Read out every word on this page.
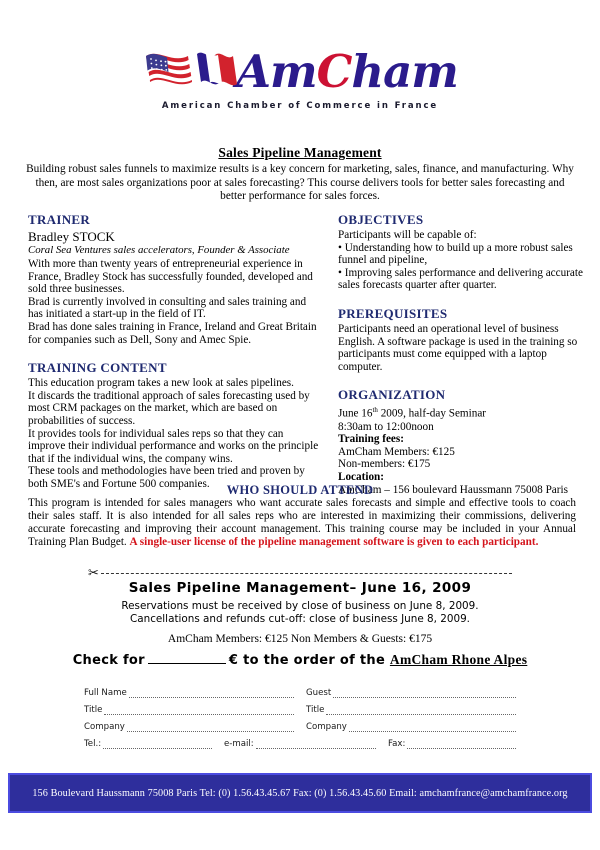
AmCham
American Chamber of Commerce in France
Sales Pipeline Management
Building robust sales funnels to maximize results is a key concern for marketing, sales, finance, and manufacturing. Why then, are most sales organizations poor at sales forecasting? This course delivers tools for better sales forecasting and better performance for sales forces.
TRAINER
Bradley STOCK
Coral Sea Ventures sales accelerators, Founder & Associate

With more than twenty years of entrepreneurial experience in France, Bradley Stock has successfully founded, developed and sold three businesses.

Brad is currently involved in consulting and sales training and has initiated a start-up in the field of IT.

Brad has done sales training in France, Ireland and Great Britain for companies such as Dell, Sony and Amec Spie.

TRAINING CONTENT

This education program takes a new look at sales pipelines.

It discards the traditional approach of sales forecasting used by most CRM packages on the market, which are based on probabilities of success.

It provides tools for individual sales reps so that they can improve their individual performance and works on the principle that if the individual wins, the company wins.

These tools and methodologies have been tried and proven by both SME's and Fortune 500 companies.

OBJECTIVES

Participants will be capable of:

• Understanding how to build up a more robust sales funnel and pipeline,

• Improving sales performance and delivering accurate sales forecasts quarter after quarter.

PREREQUISITES

Participants need an operational level of business English. A software package is used in the training so participants must come equipped with a laptop computer.

ORGANIZATION

June 16th 2009, half-day Seminar

8:30am to 12:00noon

Training fees:

AmCham Members: €125

Non-members: €175

Location:

AmCham – 156 boulevard Haussmann 75008 Paris

WHO SHOULD ATTEND
This program is intended for sales managers who want accurate sales forecasts and simple and effective tools to coach their sales staff. It is also intended for all sales reps who are interested in maximizing their commissions, delivering accurate forecasting and improving their account management. This training course may be included in your Annual Training Plan Budget. A single-user license of the pipeline management software is given to each participant.
✂
Sales Pipeline Management– June 16, 2009
Reservations must be received by close of business on June 8, 2009.
Cancellations and refunds cut-off: close of business June 8, 2009.
AmCham Members: €125 Non Members & Guests: €175
Check for	€ to the order of the AmCham Rhone Alpes
Full Name	Guest
Title	Title
Company	Company
Tel.:	e-mail:	Fax:
156 Boulevard Haussmann 75008 Paris Tel: (0) 1.56.43.45.67 Fax: (0) 1.56.43.45.60 Email: amchamfrance@amchamfrance.org
